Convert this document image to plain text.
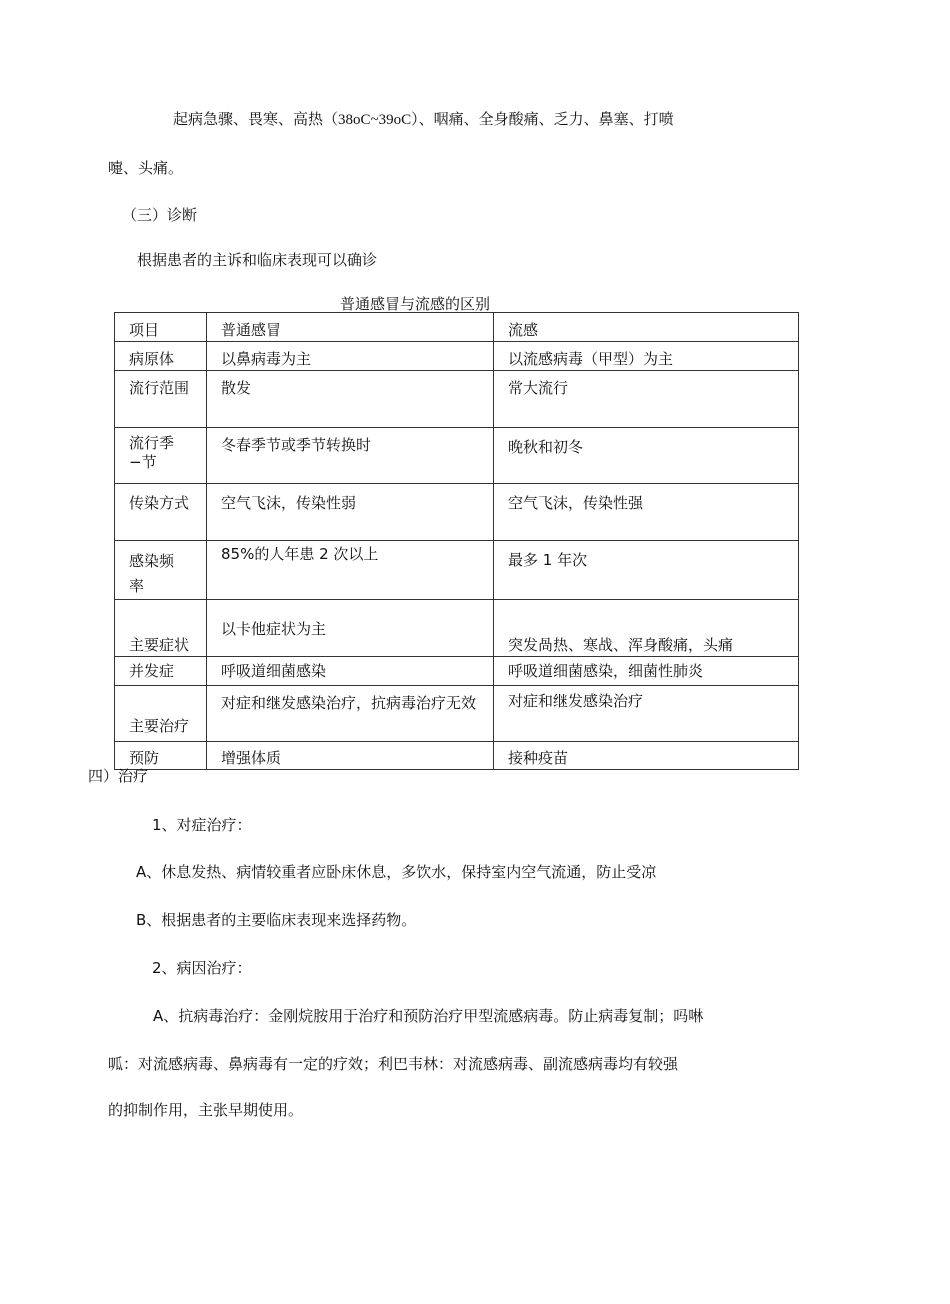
起病急骤、畏寒、高热（38oC~39oC）、咽痛、全身酸痛、乏力、鼻塞、打喷
嚏、头痛。
（三）诊断
根据患者的主诉和临床表现可以确诊
普通感冒与流感的区别
项目	普通感冒	流感
病原体	以鼻病毒为主	以流感病毒（甲型）为主
流行范围	散发	常大流行
流行季
−节	冬春季节或季节转换时	晚秋和初冬
传染方式	空气飞沫，传染性弱	空气飞沫，传染性强
感染频
率	85%的人年患 2 次以上	最多 1 年次
主要症状	以卡他症状为主	突发咼热、寒战、浑身酸痛，头痛
并发症	呼吸道细菌感染	呼吸道细菌感染，细菌性肺炎
主要治疗	对症和继发感染治疗，抗病毒治疗无效	对症和继发感染治疗
预防	增强体质	接种疫苗
四）治疗
1、对症治疗：
A、休息发热、病情较重者应卧床休息，多饮水，保持室内空气流通，防止受凉
B、根据患者的主要临床表现来选择药物。
2、病因治疗：
A、抗病毒治疗：金刚烷胺用于治疗和预防治疗甲型流感病毒。防止病毒复制；吗啉
呱：对流感病毒、鼻病毒有一定的疗效；利巴韦林：对流感病毒、副流感病毒均有较强
的抑制作用，主张早期使用。
